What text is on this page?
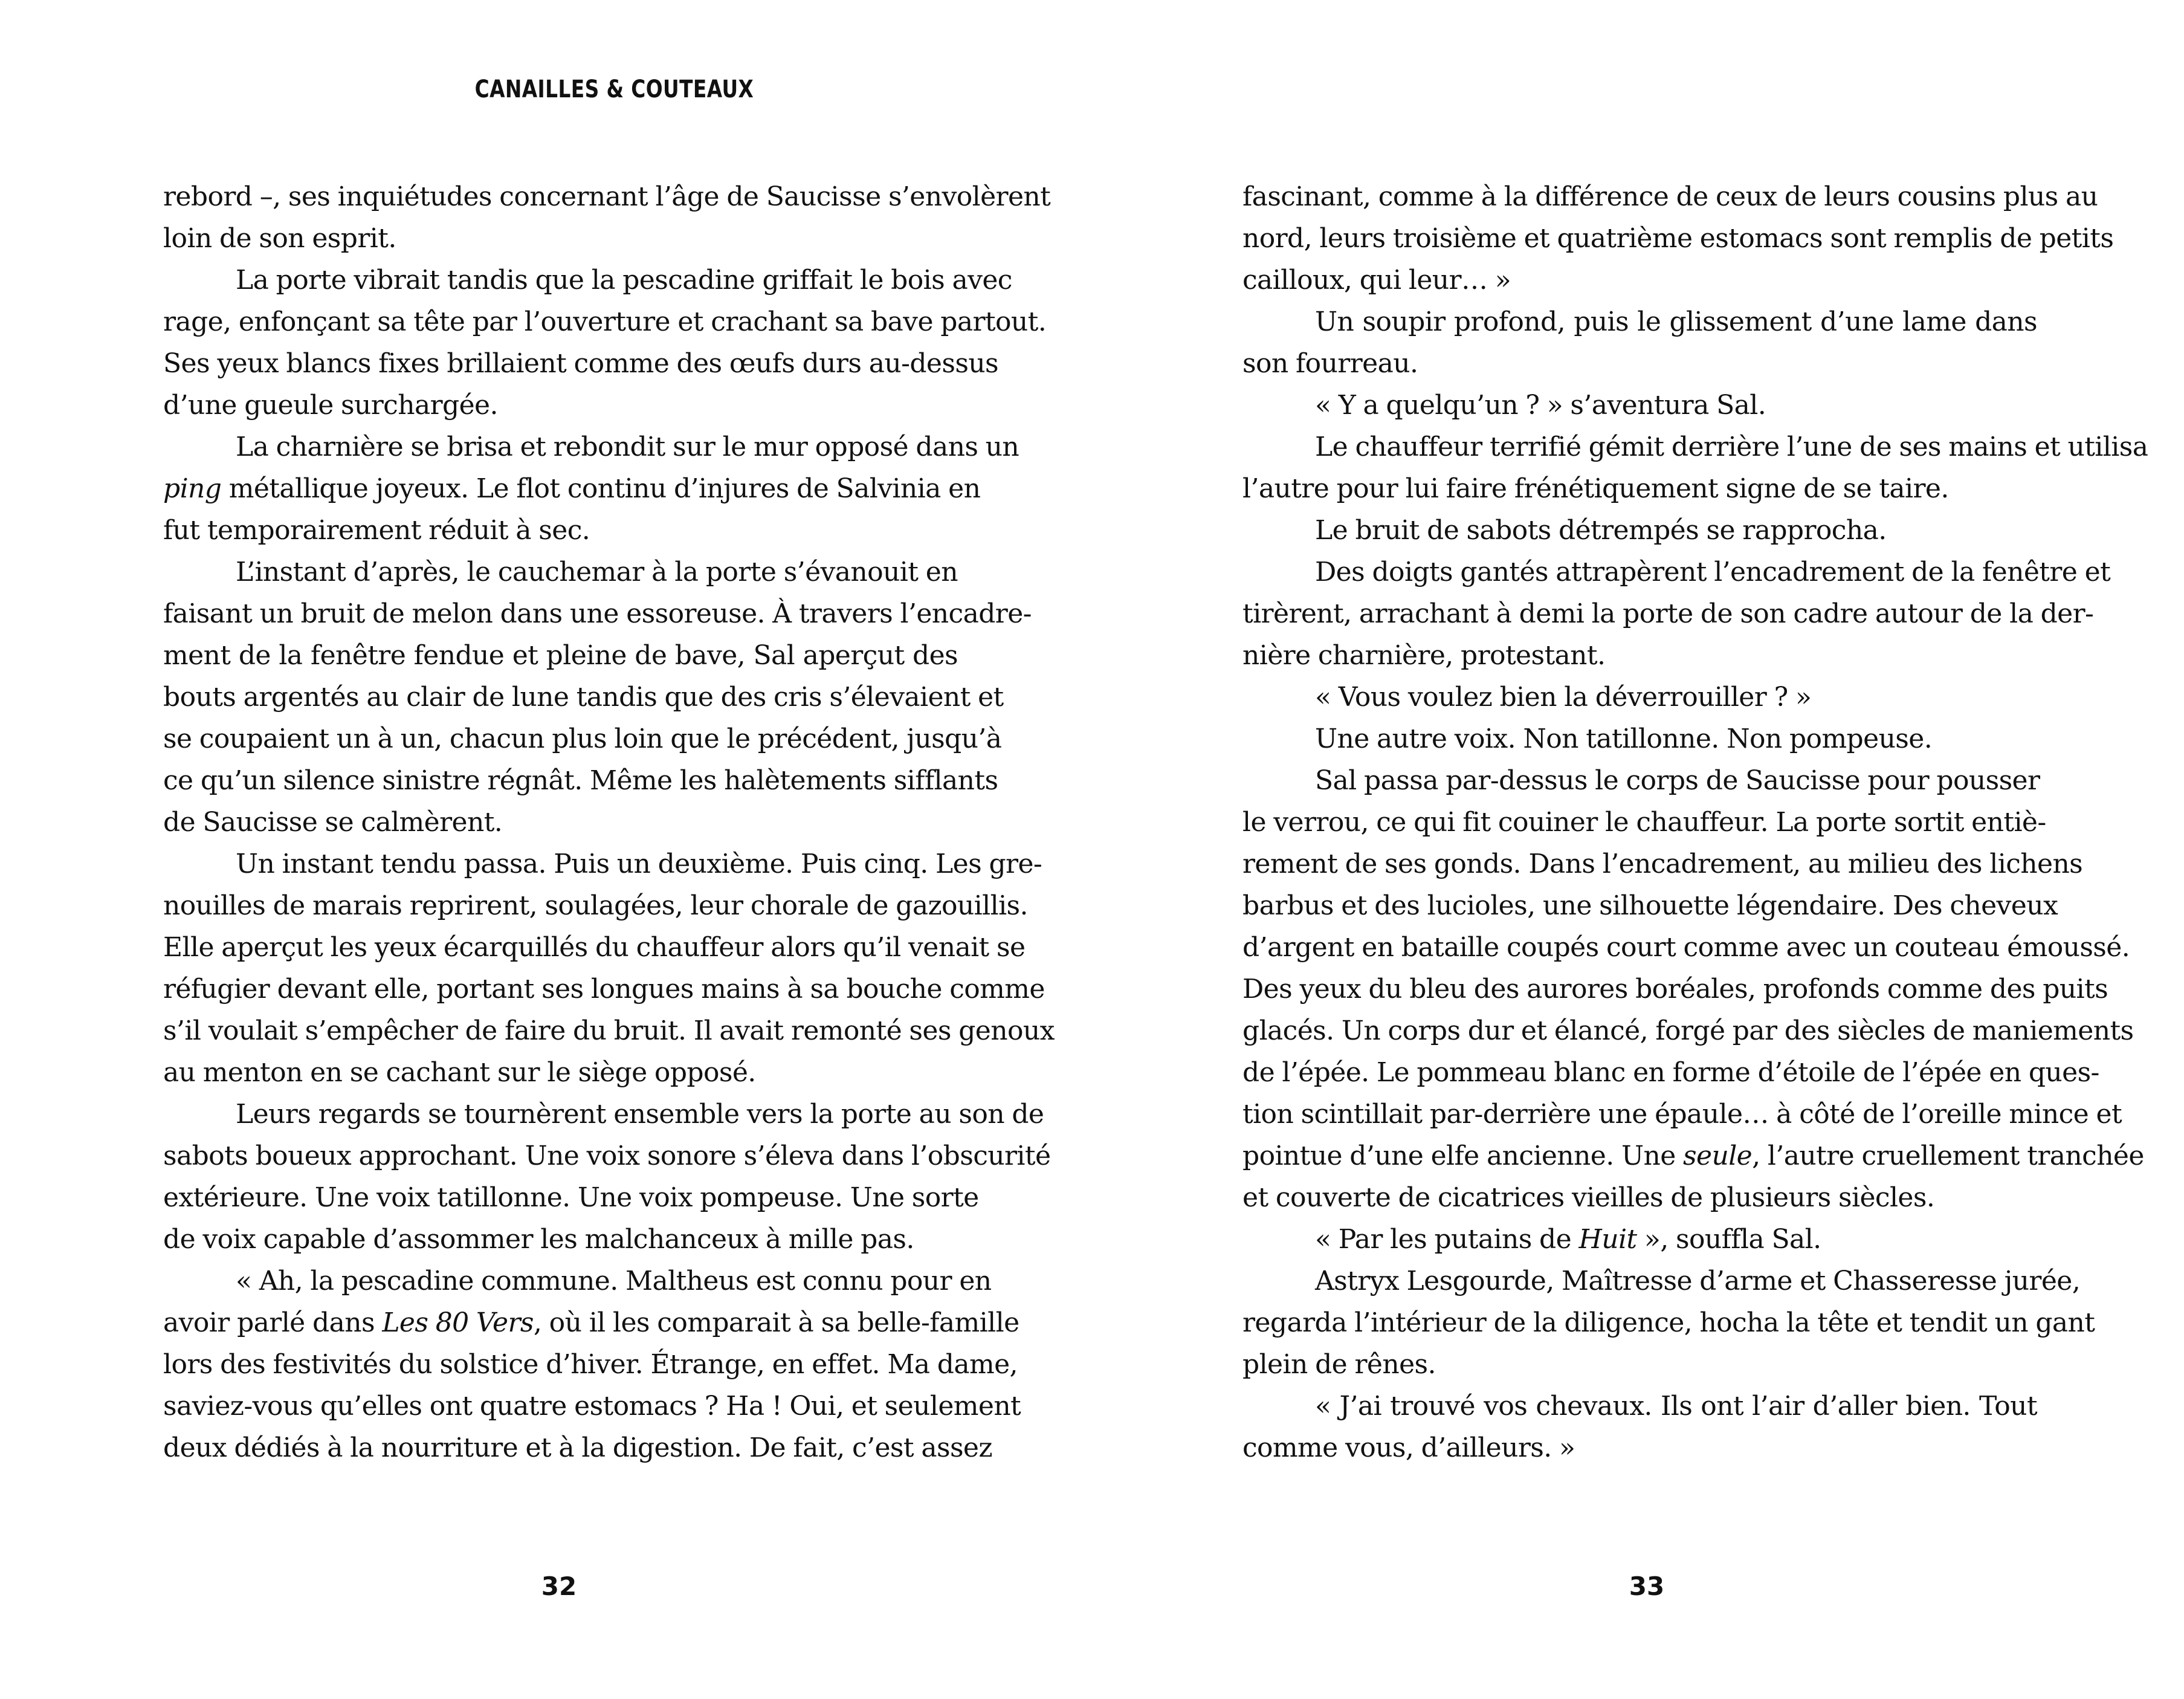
CANAILLES & COUTEAUX
rebord –, ses inquiétudes concernant l’âge de Saucisse s’envolèrent
loin de son esprit.
La porte vibrait tandis que la pescadine griffait le bois avec
rage, enfonçant sa tête par l’ouverture et crachant sa bave partout.
Ses yeux blancs fixes brillaient comme des œufs durs au-dessus
d’une gueule surchargée.
La charnière se brisa et rebondit sur le mur opposé dans un
ping métallique joyeux. Le flot continu d’injures de Salvinia en
fut temporairement réduit à sec.
L’instant d’après, le cauchemar à la porte s’évanouit en
faisant un bruit de melon dans une essoreuse. À travers l’encadre-
ment de la fenêtre fendue et pleine de bave, Sal aperçut des
bouts argentés au clair de lune tandis que des cris s’élevaient et
se coupaient un à un, chacun plus loin que le précédent, jusqu’à
ce qu’un silence sinistre régnât. Même les halètements sifflants
de Saucisse se calmèrent.
Un instant tendu passa. Puis un deuxième. Puis cinq. Les gre-
nouilles de marais reprirent, soulagées, leur chorale de gazouillis.
Elle aperçut les yeux écarquillés du chauffeur alors qu’il venait se
réfugier devant elle, portant ses longues mains à sa bouche comme
s’il voulait s’empêcher de faire du bruit. Il avait remonté ses genoux
au menton en se cachant sur le siège opposé.
Leurs regards se tournèrent ensemble vers la porte au son de
sabots boueux approchant. Une voix sonore s’éleva dans l’obscurité
extérieure. Une voix tatillonne. Une voix pompeuse. Une sorte
de voix capable d’assommer les malchanceux à mille pas.
« Ah, la pescadine commune. Maltheus est connu pour en
avoir parlé dans Les 80 Vers, où il les comparait à sa belle-famille
lors des festivités du solstice d’hiver. Étrange, en effet. Ma dame,
saviez-vous qu’elles ont quatre estomacs ? Ha ! Oui, et seulement
deux dédiés à la nourriture et à la digestion. De fait, c’est assez
32
fascinant, comme à la différence de ceux de leurs cousins plus au
nord, leurs troisième et quatrième estomacs sont remplis de petits
cailloux, qui leur… »
Un soupir profond, puis le glissement d’une lame dans
son fourreau.
« Y a quelqu’un ? » s’aventura Sal.
Le chauffeur terrifié gémit derrière l’une de ses mains et utilisa
l’autre pour lui faire frénétiquement signe de se taire.
Le bruit de sabots détrempés se rapprocha.
Des doigts gantés attrapèrent l’encadrement de la fenêtre et
tirèrent, arrachant à demi la porte de son cadre autour de la der-
nière charnière, protestant.
« Vous voulez bien la déverrouiller ? »
Une autre voix. Non tatillonne. Non pompeuse.
Sal passa par-dessus le corps de Saucisse pour pousser
le verrou, ce qui fit couiner le chauffeur. La porte sortit entiè-
rement de ses gonds. Dans l’encadrement, au milieu des lichens
barbus et des lucioles, une silhouette légendaire. Des cheveux
d’argent en bataille coupés court comme avec un couteau émoussé.
Des yeux du bleu des aurores boréales, profonds comme des puits
glacés. Un corps dur et élancé, forgé par des siècles de maniements
de l’épée. Le pommeau blanc en forme d’étoile de l’épée en ques-
tion scintillait par-derrière une épaule… à côté de l’oreille mince et
pointue d’une elfe ancienne. Une seule, l’autre cruellement tranchée
et couverte de cicatrices vieilles de plusieurs siècles.
« Par les putains de Huit », souffla Sal.
Astryx Lesgourde, Maîtresse d’arme et Chasseresse jurée,
regarda l’intérieur de la diligence, hocha la tête et tendit un gant
plein de rênes.
« J’ai trouvé vos chevaux. Ils ont l’air d’aller bien. Tout
comme vous, d’ailleurs. »
33
